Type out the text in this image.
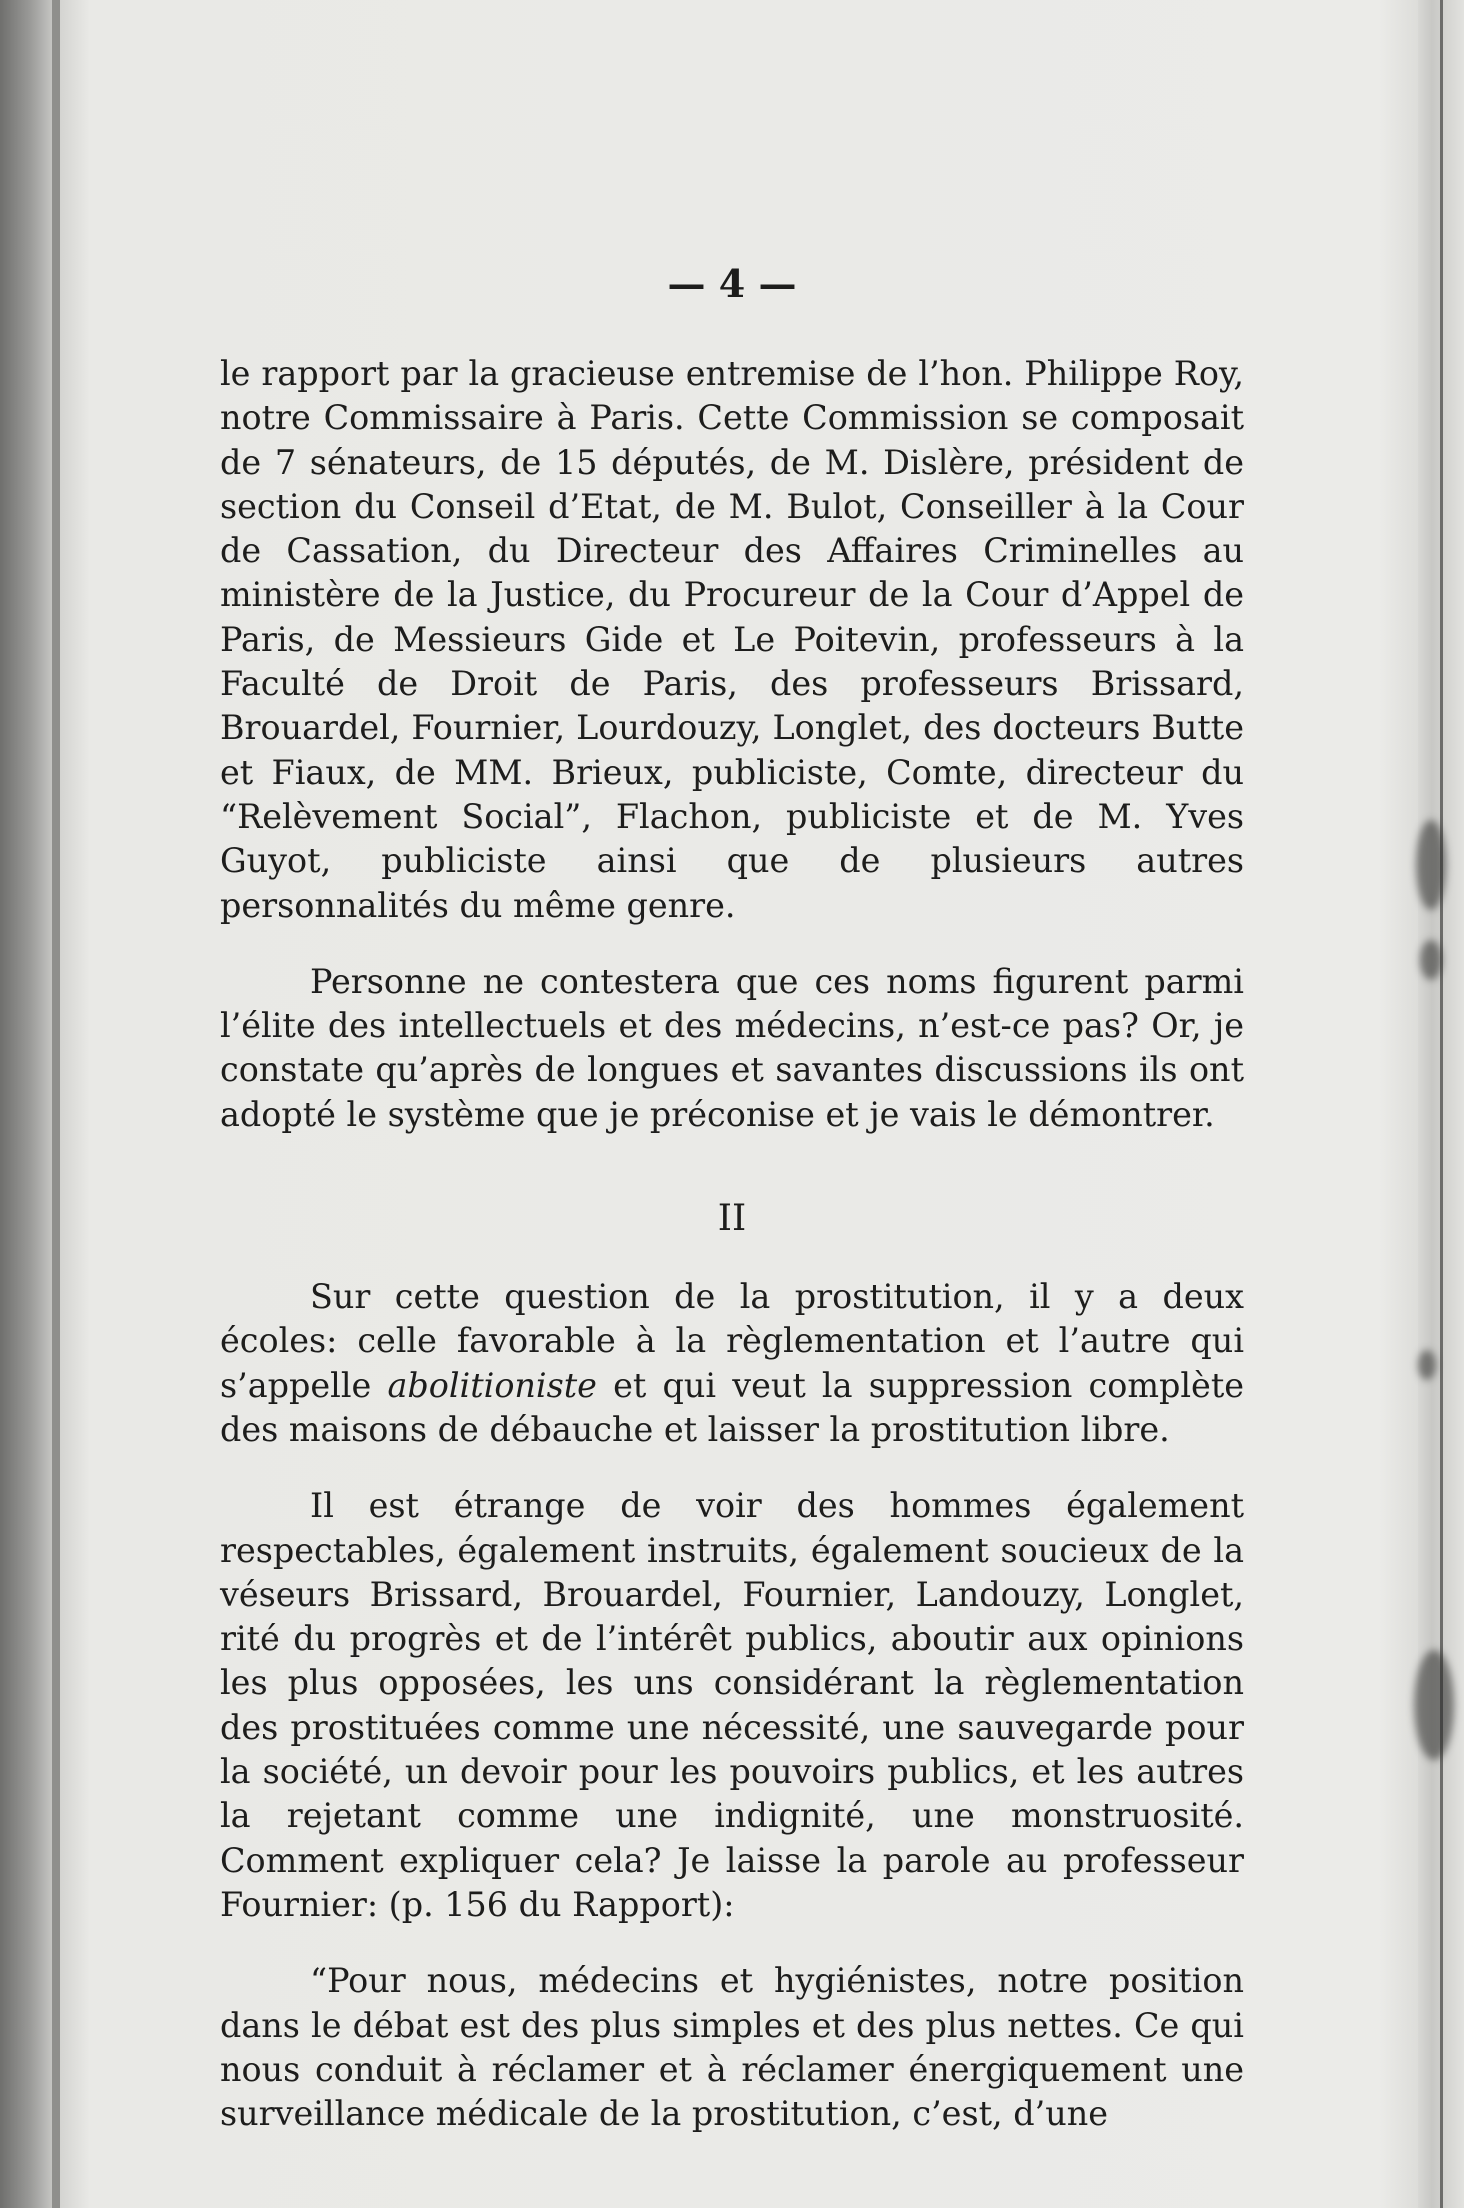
— 4 —

le rapport par la gracieuse entremise de l’hon. Philippe Roy, notre Commissaire à Paris. Cette Commission se composait de 7 sénateurs, de 15 députés, de M. Dislère, président de section du Conseil d’Etat, de M. Bulot, Conseiller à la Cour de Cassation, du Directeur des Affaires Criminelles au ministère de la Justice, du Procureur de la Cour d’Appel de Paris, de Messieurs Gide et Le Poitevin, professeurs à la Faculté de Droit de Paris, des professeurs Brissard, Brouardel, Fournier, Lourdouzy, Longlet, des docteurs Butte et Fiaux, de MM. Brieux, publiciste, Comte, directeur du “Relèvement Social”, Flachon, publiciste et de M. Yves Guyot, publiciste ainsi que de plusieurs autres personnalités du même genre.

Personne ne contestera que ces noms figurent parmi l’élite des intellectuels et des médecins, n’est-ce pas? Or, je constate qu’après de longues et savantes discussions ils ont adopté le système que je préconise et je vais le démontrer.

II

Sur cette question de la prostitution, il y a deux écoles: celle favorable à la règlementation et l’autre qui s’appelle abolitioniste et qui veut la suppression complète des maisons de débauche et laisser la prostitution libre.

Il est étrange de voir des hommes également respectables, également instruits, également soucieux de la véseurs Brissard, Brouardel, Fournier, Landouzy, Longlet, rité du progrès et de l’intérêt publics, aboutir aux opinions les plus opposées, les uns considérant la règlementation des prostituées comme une nécessité, une sauvegarde pour la société, un devoir pour les pouvoirs publics, et les autres la rejetant comme une indignité, une monstruosité. Comment expliquer cela? Je laisse la parole au professeur Fournier: (p. 156 du Rapport):

“Pour nous, médecins et hygiénistes, notre position dans le débat est des plus simples et des plus nettes. Ce qui nous conduit à réclamer et à réclamer énergiquement une surveillance médicale de la prostitution, c’est, d’une
